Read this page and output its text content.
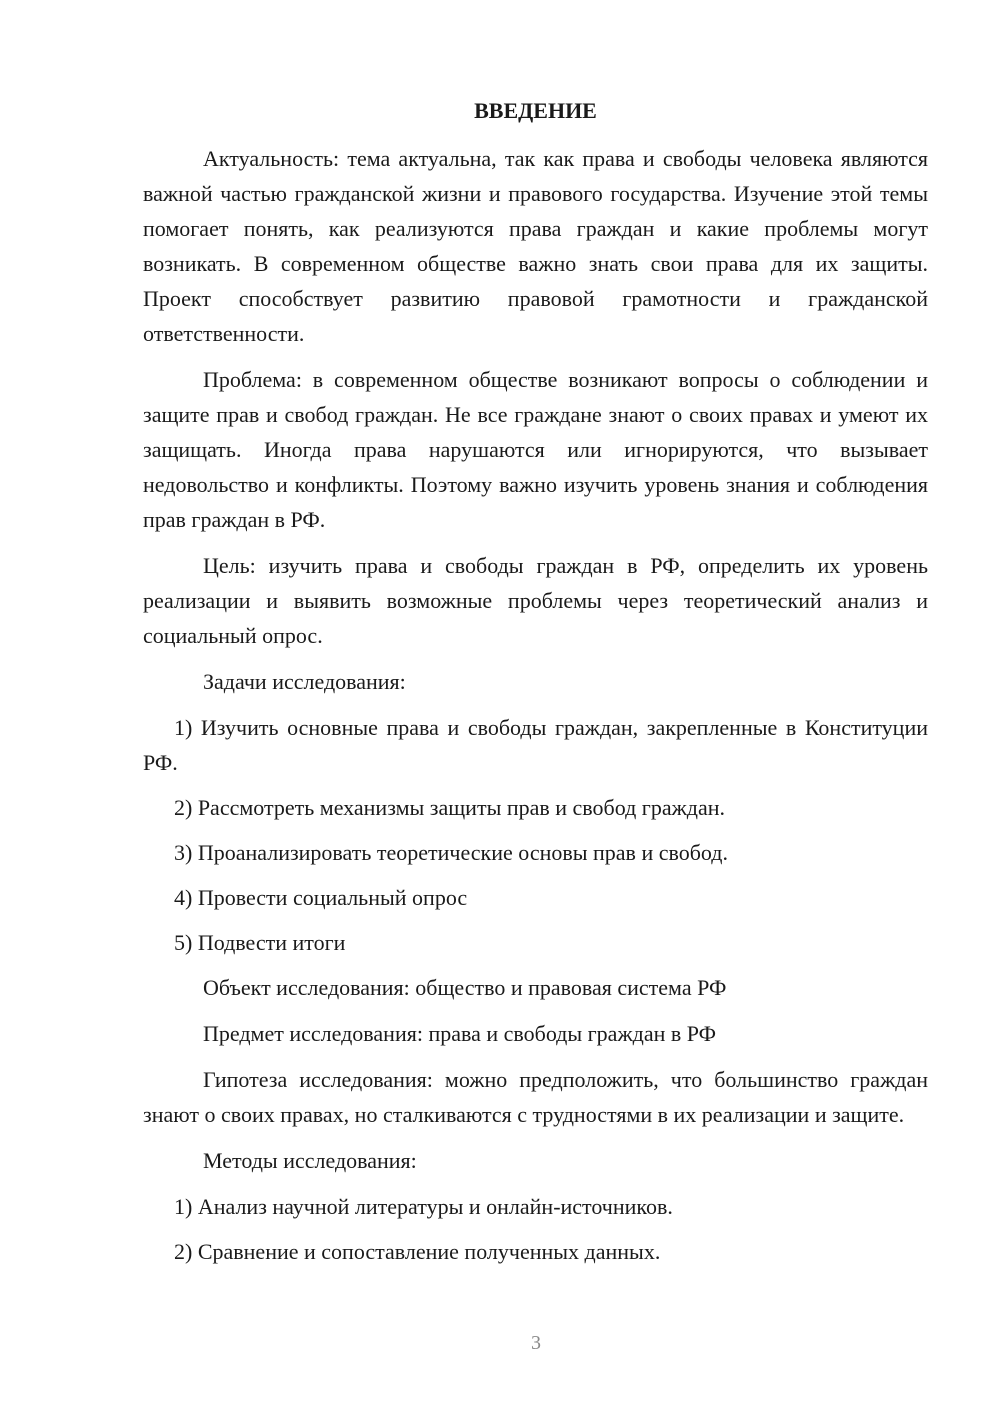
ВВЕДЕНИЕ

Актуальность: тема актуальна, так как права и свободы человека являются важной частью гражданской жизни и правового государства. Изучение этой темы помогает понять, как реализуются права граждан и какие проблемы могут возникать. В современном обществе важно знать свои права для их защиты. Проект способствует развитию правовой грамотности и гражданской ответственности.

Проблема: в современном обществе возникают вопросы о соблюдении и защите прав и свобод граждан. Не все граждане знают о своих правах и умеют их защищать. Иногда права нарушаются или игнорируются, что вызывает недовольство и конфликты. Поэтому важно изучить уровень знания и соблюдения прав граждан в РФ.

Цель: изучить права и свободы граждан в РФ, определить их уровень реализации и выявить возможные проблемы через теоретический анализ и социальный опрос.

Задачи исследования:

1) Изучить основные права и свободы граждан, закрепленные в Конституции РФ.

2) Рассмотреть механизмы защиты прав и свобод граждан.

3) Проанализировать теоретические основы прав и свобод.

4) Провести социальный опрос

5) Подвести итоги

Объект исследования: общество и правовая система РФ

Предмет исследования: права и свободы граждан в РФ

Гипотеза исследования: можно предположить, что большинство граждан знают о своих правах, но сталкиваются с трудностями в их реализации и защите.

Методы исследования:

1) Анализ научной литературы и онлайн-источников.

2) Сравнение и сопоставление полученных данных.

3
